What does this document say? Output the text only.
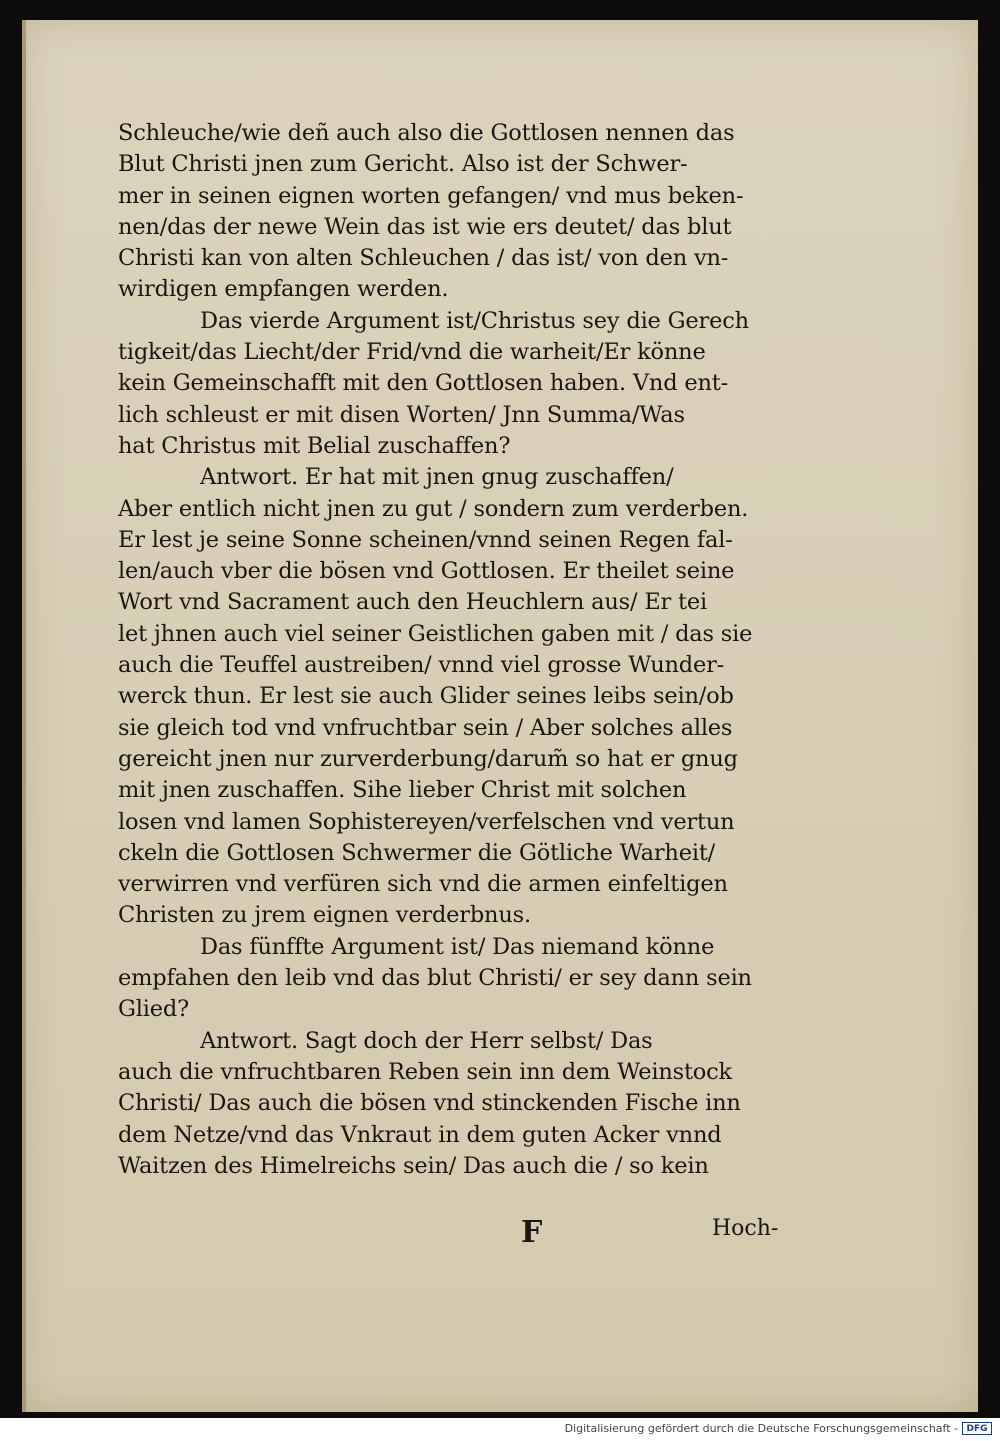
Schleuche/wie deñ auch also die Gottlosen nennen das
Blut Christi jnen zum Gericht. Also ist der Schwer-
mer in seinen eignen worten gefangen/ vnd mus beken-
nen/das der newe Wein das ist wie ers deutet/ das blut
Christi kan von alten Schleuchen / das ist/ von den vn-
wirdigen empfangen werden.
Das vierde Argument ist/Christus sey die Gerech
tigkeit/das Liecht/der Frid/vnd die warheit/Er könne
kein Gemeinschafft mit den Gottlosen haben. Vnd ent-
lich schleust er mit disen Worten/ Jnn Summa/Was
hat Christus mit Belial zuschaffen?
Antwort. Er hat mit jnen gnug zuschaffen/
Aber entlich nicht jnen zu gut / sondern zum verderben.
Er lest je seine Sonne scheinen/vnnd seinen Regen fal-
len/auch vber die bösen vnd Gottlosen. Er theilet seine
Wort vnd Sacrament auch den Heuchlern aus/ Er tei
let jhnen auch viel seiner Geistlichen gaben mit / das sie
auch die Teuffel austreiben/ vnnd viel grosse Wunder-
werck thun. Er lest sie auch Glider seines leibs sein/ob
sie gleich tod vnd vnfruchtbar sein / Aber solches alles
gereicht jnen nur zurverderbung/darum̃ so hat er gnug
mit jnen zuschaffen. Sihe lieber Christ mit solchen
losen vnd lamen Sophistereyen/verfelschen vnd vertun
ckeln die Gottlosen Schwermer die Götliche Warheit/
verwirren vnd verfüren sich vnd die armen einfeltigen
Christen zu jrem eignen verderbnus.
Das fünffte Argument ist/ Das niemand könne
empfahen den leib vnd das blut Christi/ er sey dann sein
Glied?
Antwort. Sagt doch der Herr selbst/ Das
auch die vnfruchtbaren Reben sein inn dem Weinstock
Christi/ Das auch die bösen vnd stinckenden Fische inn
dem Netze/vnd das Vnkraut in dem guten Acker vnnd
Waitzen des Himelreichs sein/ Das auch die / so kein
F	Hoch-
Digitalisierung gefördert durch die Deutsche Forschungsgemeinschaft - DFG
